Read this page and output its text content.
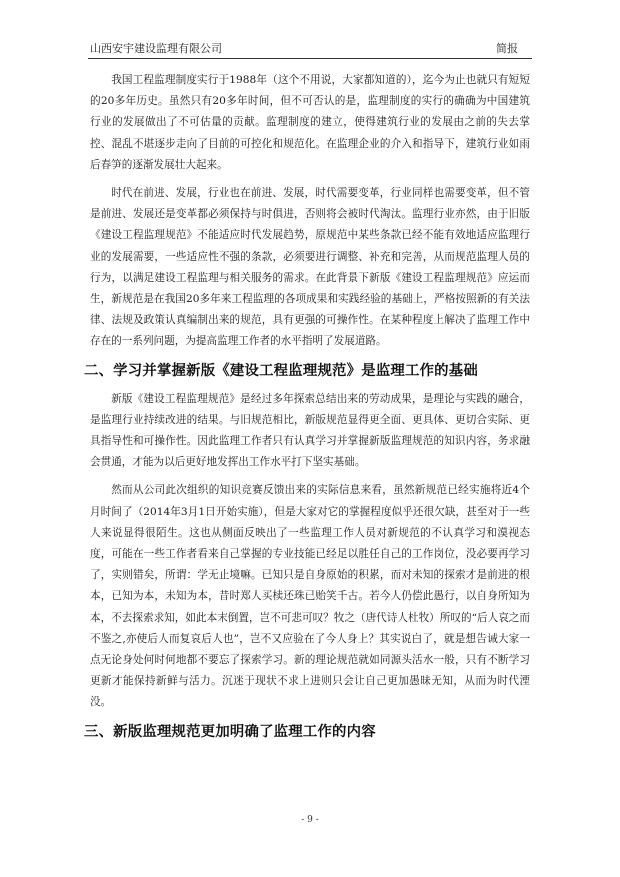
山西安宇建设监理有限公司	简报

我国工程监理制度实行于1988年（这个不用说，大家都知道的），迄今为止也就只有短短的20多年历史。虽然只有20多年时间，但不可否认的是，监理制度的实行的确确为中国建筑行业的发展做出了不可估量的贡献。监理制度的建立，使得建筑行业的发展由之前的失去掌控、混乱不堪逐步走向了目前的可控化和规范化。在监理企业的介入和指导下，建筑行业如雨后春笋的逐渐发展壮大起来。

时代在前进、发展，行业也在前进、发展，时代需要变革，行业同样也需要变革，但不管是前进、发展还是变革都必须保持与时俱进，否则将会被时代淘汰。监理行业亦然，由于旧版《建设工程监理规范》不能适应时代发展趋势，原规范中某些条款已经不能有效地适应监理行业的发展需要，一些适应性不强的条款，必须要进行调整、补充和完善，从而规范监理人员的行为，以满足建设工程监理与相关服务的需求。在此背景下新版《建设工程监理规范》应运而生，新规范是在我国20多年来工程监理的各项成果和实践经验的基础上，严格按照新的有关法律、法规及政策认真编制出来的规范，具有更强的可操作性。在某种程度上解决了监理工作中存在的一系列问题，为提高监理工作者的水平指明了发展道路。

二、学习并掌握新版《建设工程监理规范》是监理工作的基础

新版《建设工程监理规范》是经过多年探索总结出来的劳动成果，是理论与实践的融合，是监理行业持续改进的结果。与旧规范相比，新版规范显得更全面、更具体、更切合实际、更具指导性和可操作性。因此监理工作者只有认真学习并掌握新版监理规范的知识内容，务求融会贯通，才能为以后更好地发挥出工作水平打下坚实基础。

然而从公司此次组织的知识竞赛反馈出来的实际信息来看，虽然新规范已经实施将近4个月时间了（2014年3月1日开始实施），但是大家对它的掌握程度似乎还很欠缺，甚至对于一些人来说显得很陌生。这也从侧面反映出了一些监理工作人员对新规范的不认真学习和漠视态度，可能在一些工作者看来自己掌握的专业技能已经足以胜任自己的工作岗位，没必要再学习了，实则错矣，所谓：学无止境嘛。已知只是自身原始的积累，而对未知的探索才是前进的根本，已知为本，未知为本，昔时郑人买椟还珠已贻笑千古。若今人仍偿此愚行，以自身所知为本，不去探索求知，如此本末倒置，岂不可悲可叹？牧之（唐代诗人杜牧）所叹的“后人哀之而不鉴之,亦使后人而复哀后人也”，岂不又应验在了今人身上？其实说白了，就是想告诫大家一点无论身处何时何地都不要忘了探索学习。新的理论规范就如同源头活水一般，只有不断学习更新才能保持新鲜与活力。沉迷于现状不求上进则只会让自己更加愚昧无知，从而为时代湮没。

三、新版监理规范更加明确了监理工作的内容
- 9 -
